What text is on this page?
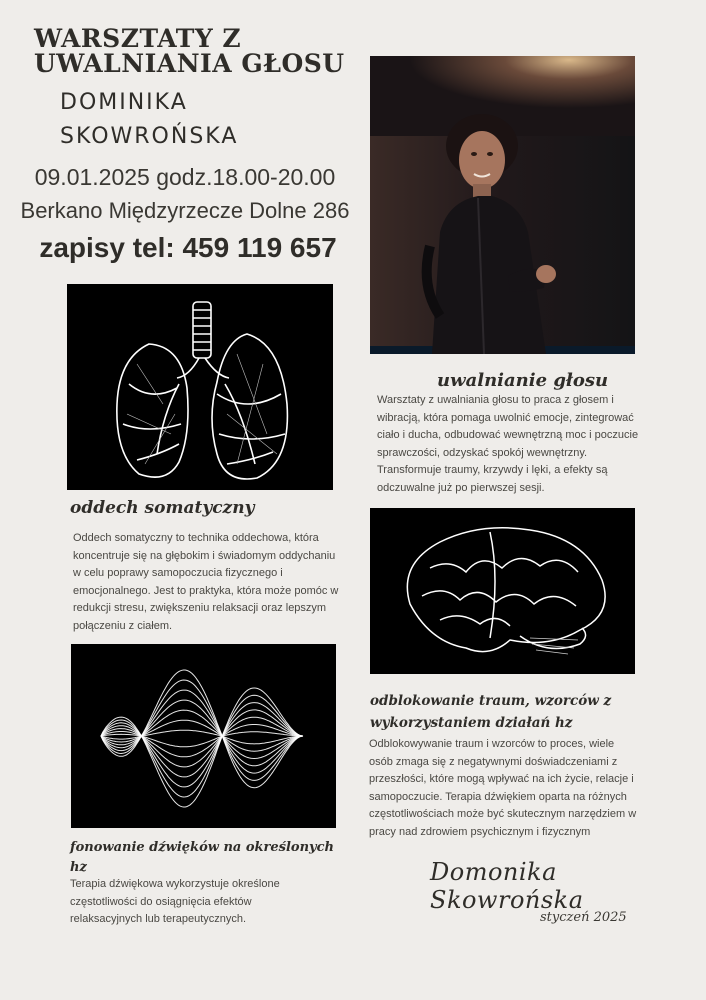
WARSZTATY Z UWALNIANIA GŁOSU
DOMINIKA
SKOWROŃSKA
09.01.2025 godz.18.00-20.00
Berkano Międzyrzecze Dolne 286
zapisy tel: 459 119 657
uwalnianie głosu
Warsztaty z uwalniania głosu to praca z głosem i wibracją, która pomaga uwolnić emocje, zintegrować ciało i ducha, odbudować wewnętrzną moc i poczucie sprawczości, odzyskać spokój wewnętrzny. Transformuje traumy, krzywdy i lęki, a efekty są odczuwalne już po pierwszej sesji.
oddech somatyczny
Oddech somatyczny to technika oddechowa, która koncentruje się na głębokim i świadomym oddychaniu w celu poprawy samopoczucia fizycznego i emocjonalnego. Jest to praktyka, która może pomóc w redukcji stresu, zwiększeniu relaksacji oraz lepszym połączeniu z ciałem.
odblokowanie traum, wzorców z wykorzystaniem działań hz
Odblokowywanie traum i wzorców to proces, wiele osób zmaga się z negatywnymi doświadczeniami z przeszłości, które mogą wpływać na ich życie, relacje i samopoczucie. Terapia dźwiękiem oparta na różnych częstotliwościach może być skutecznym narzędziem w pracy nad zdrowiem psychicznym i fizycznym
fonowanie dźwięków na określonych hz
Terapia dźwiękowa wykorzystuje określone częstotliwości do osiągnięcia efektów relaksacyjnych lub terapeutycznych.
Domonika Skowrońska
styczeń 2025
